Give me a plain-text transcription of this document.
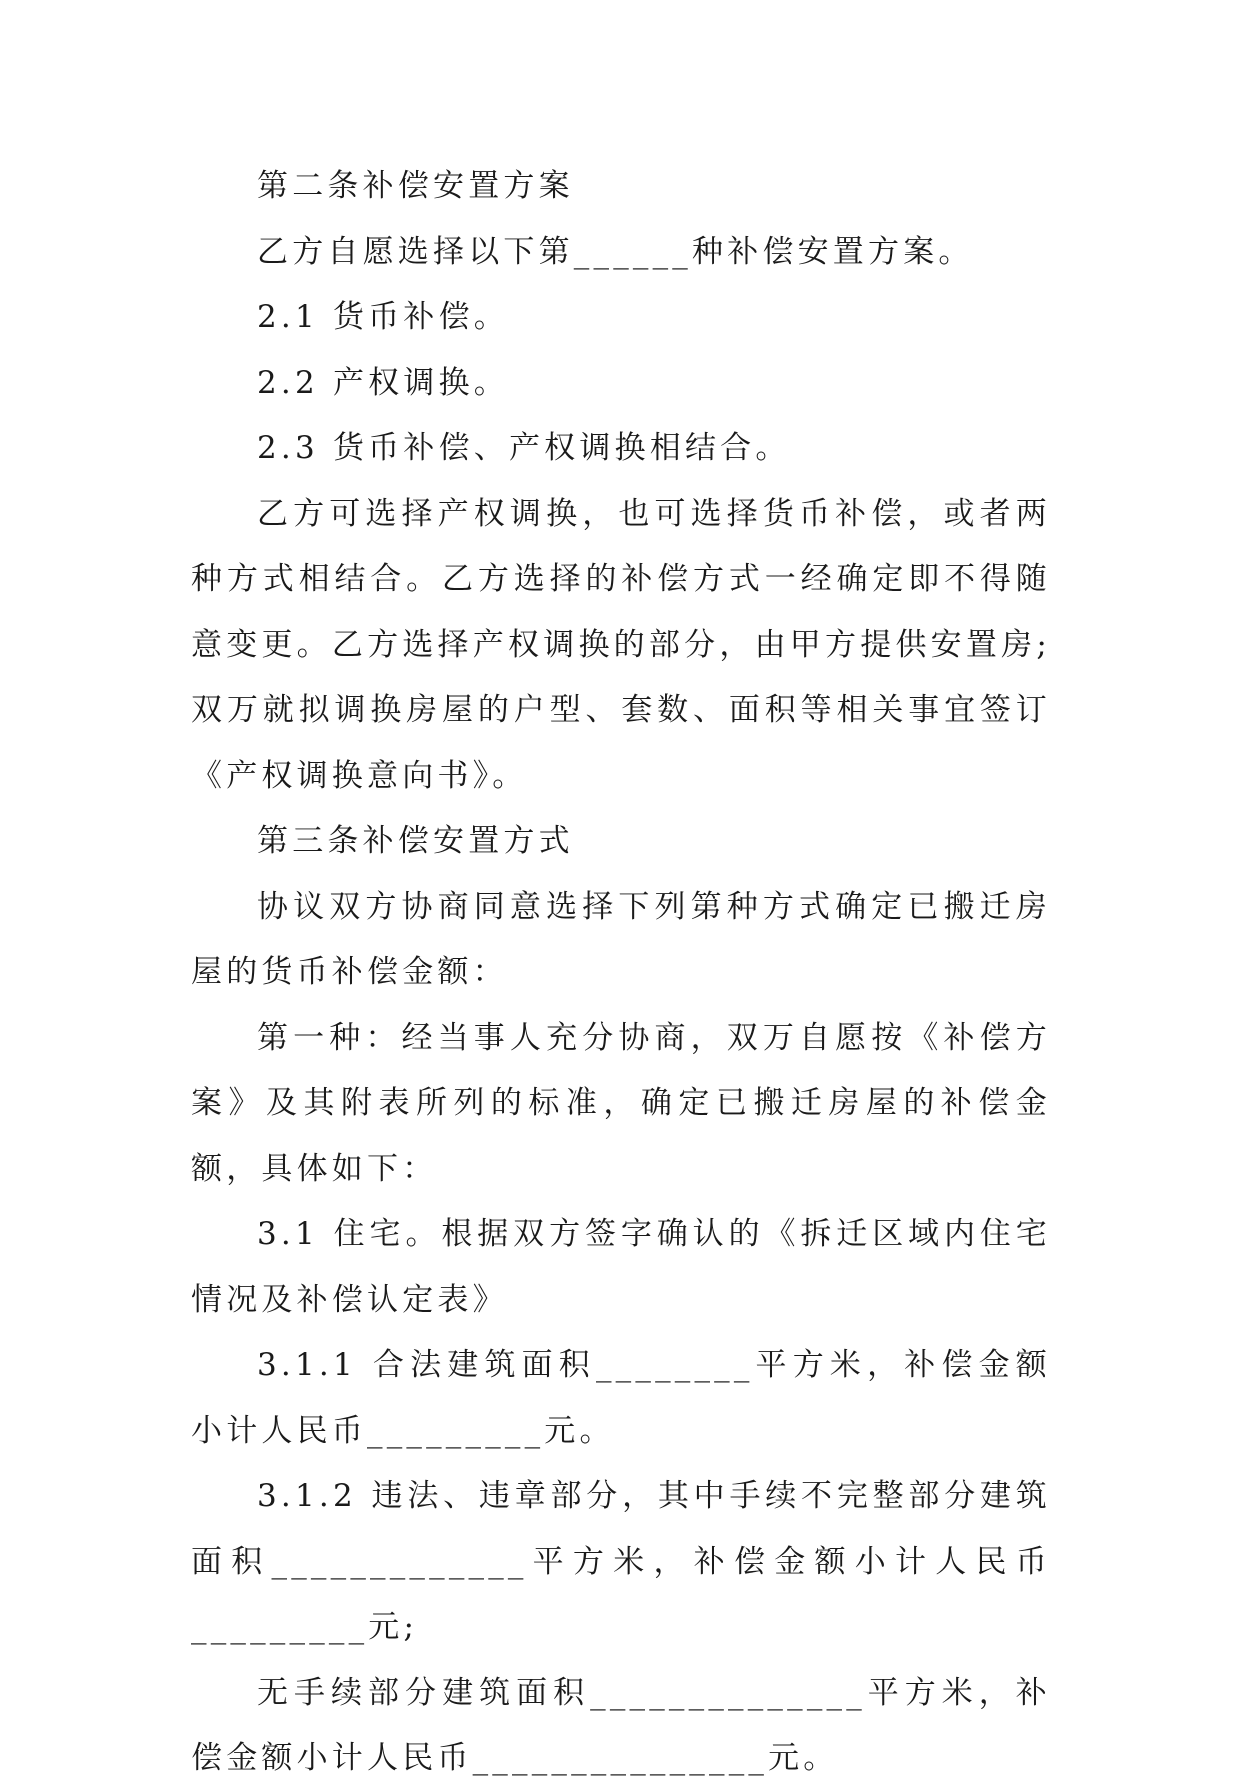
第二条补偿安置方案

乙方自愿选择以下第______种补偿安置方案。

2.1 货币补偿。

2.2 产权调换。

2.3 货币补偿、产权调换相结合。

乙方可选择产权调换，也可选择货币补偿，或者两种方式相结合。乙方选择的补偿方式一经确定即不得随意变更。乙方选择产权调换的部分，由甲方提供安置房;双万就拟调换房屋的户型、套数、面积等相关事宜签订《产权调换意向书》。

第三条补偿安置方式

协议双方协商同意选择下列第种方式确定已搬迁房屋的货币补偿金额：

第一种：经当事人充分协商，双万自愿按《补偿方案》及其附表所列的标准，确定已搬迁房屋的补偿金额，具体如下：

3.1 住宅。根据双方签字确认的《拆迁区域内住宅情况及补偿认定表》

3.1.1 合法建筑面积________平方米，补偿金额小计人民币_________元。

3.1.2 违法、违章部分，其中手续不完整部分建筑面积_____________平方米，补偿金额小计人民币_________元;

无手续部分建筑面积______________平方米，补偿金额小计人民币_______________元。
